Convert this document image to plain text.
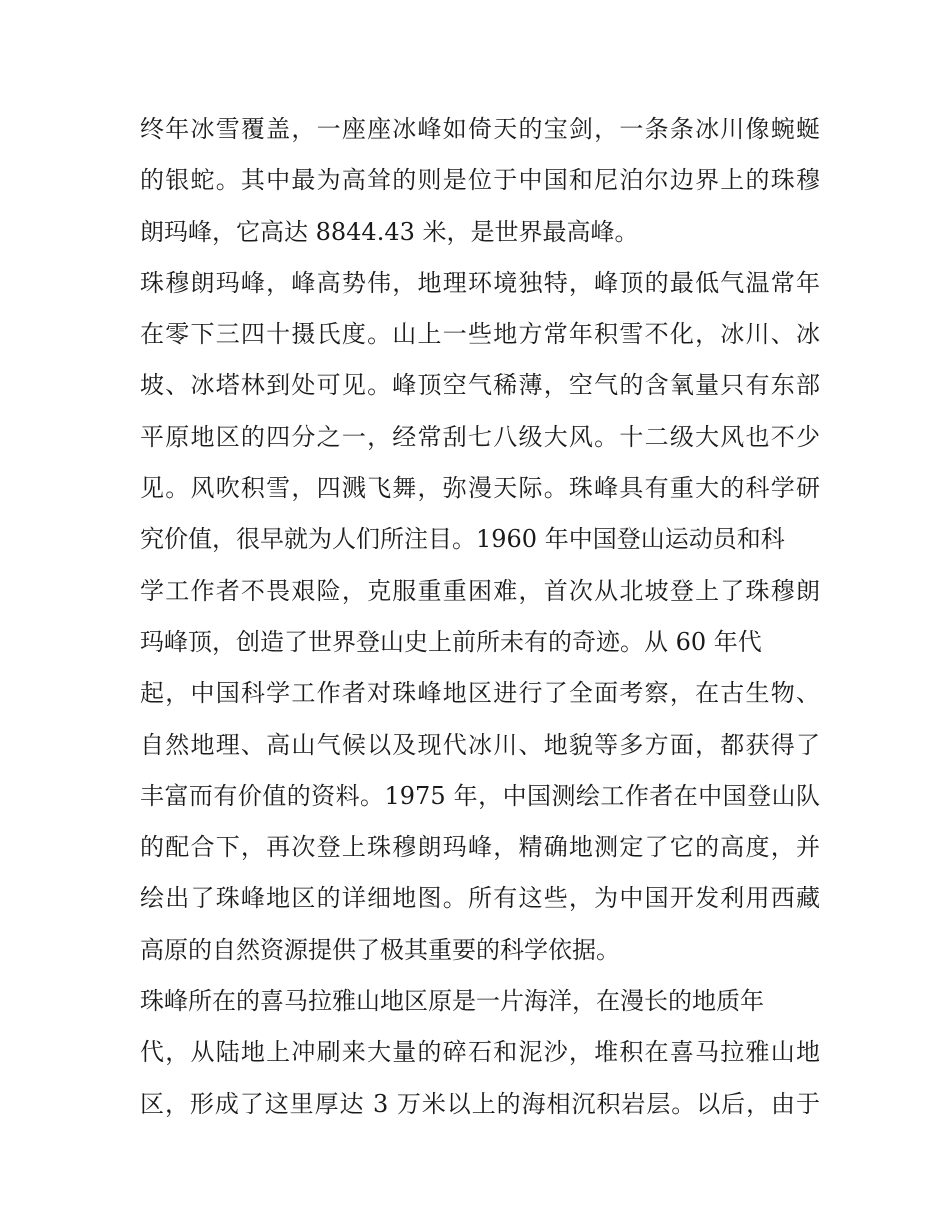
终年冰雪覆盖，一座座冰峰如倚天的宝剑，一条条冰川像蜿蜒
的银蛇。其中最为高耸的则是位于中国和尼泊尔边界上的珠穆
朗玛峰，它高达 8844.43 米，是世界最高峰。
珠穆朗玛峰，峰高势伟，地理环境独特，峰顶的最低气温常年
在零下三四十摄氏度。山上一些地方常年积雪不化，冰川、冰
坡、冰塔林到处可见。峰顶空气稀薄，空气的含氧量只有东部
平原地区的四分之一，经常刮七八级大风。十二级大风也不少
见。风吹积雪，四溅飞舞，弥漫天际。珠峰具有重大的科学研
究价值，很早就为人们所注目。1960 年中国登山运动员和科
学工作者不畏艰险，克服重重困难，首次从北坡登上了珠穆朗
玛峰顶，创造了世界登山史上前所未有的奇迹。从 60 年代
起，中国科学工作者对珠峰地区进行了全面考察，在古生物、
自然地理、高山气候以及现代冰川、地貌等多方面，都获得了
丰富而有价值的资料。1975 年，中国测绘工作者在中国登山队
的配合下，再次登上珠穆朗玛峰，精确地测定了它的高度，并
绘出了珠峰地区的详细地图。所有这些，为中国开发利用西藏
高原的自然资源提供了极其重要的科学依据。
珠峰所在的喜马拉雅山地区原是一片海洋，在漫长的地质年
代，从陆地上冲刷来大量的碎石和泥沙，堆积在喜马拉雅山地
区，形成了这里厚达 3 万米以上的海相沉积岩层。以后，由于
